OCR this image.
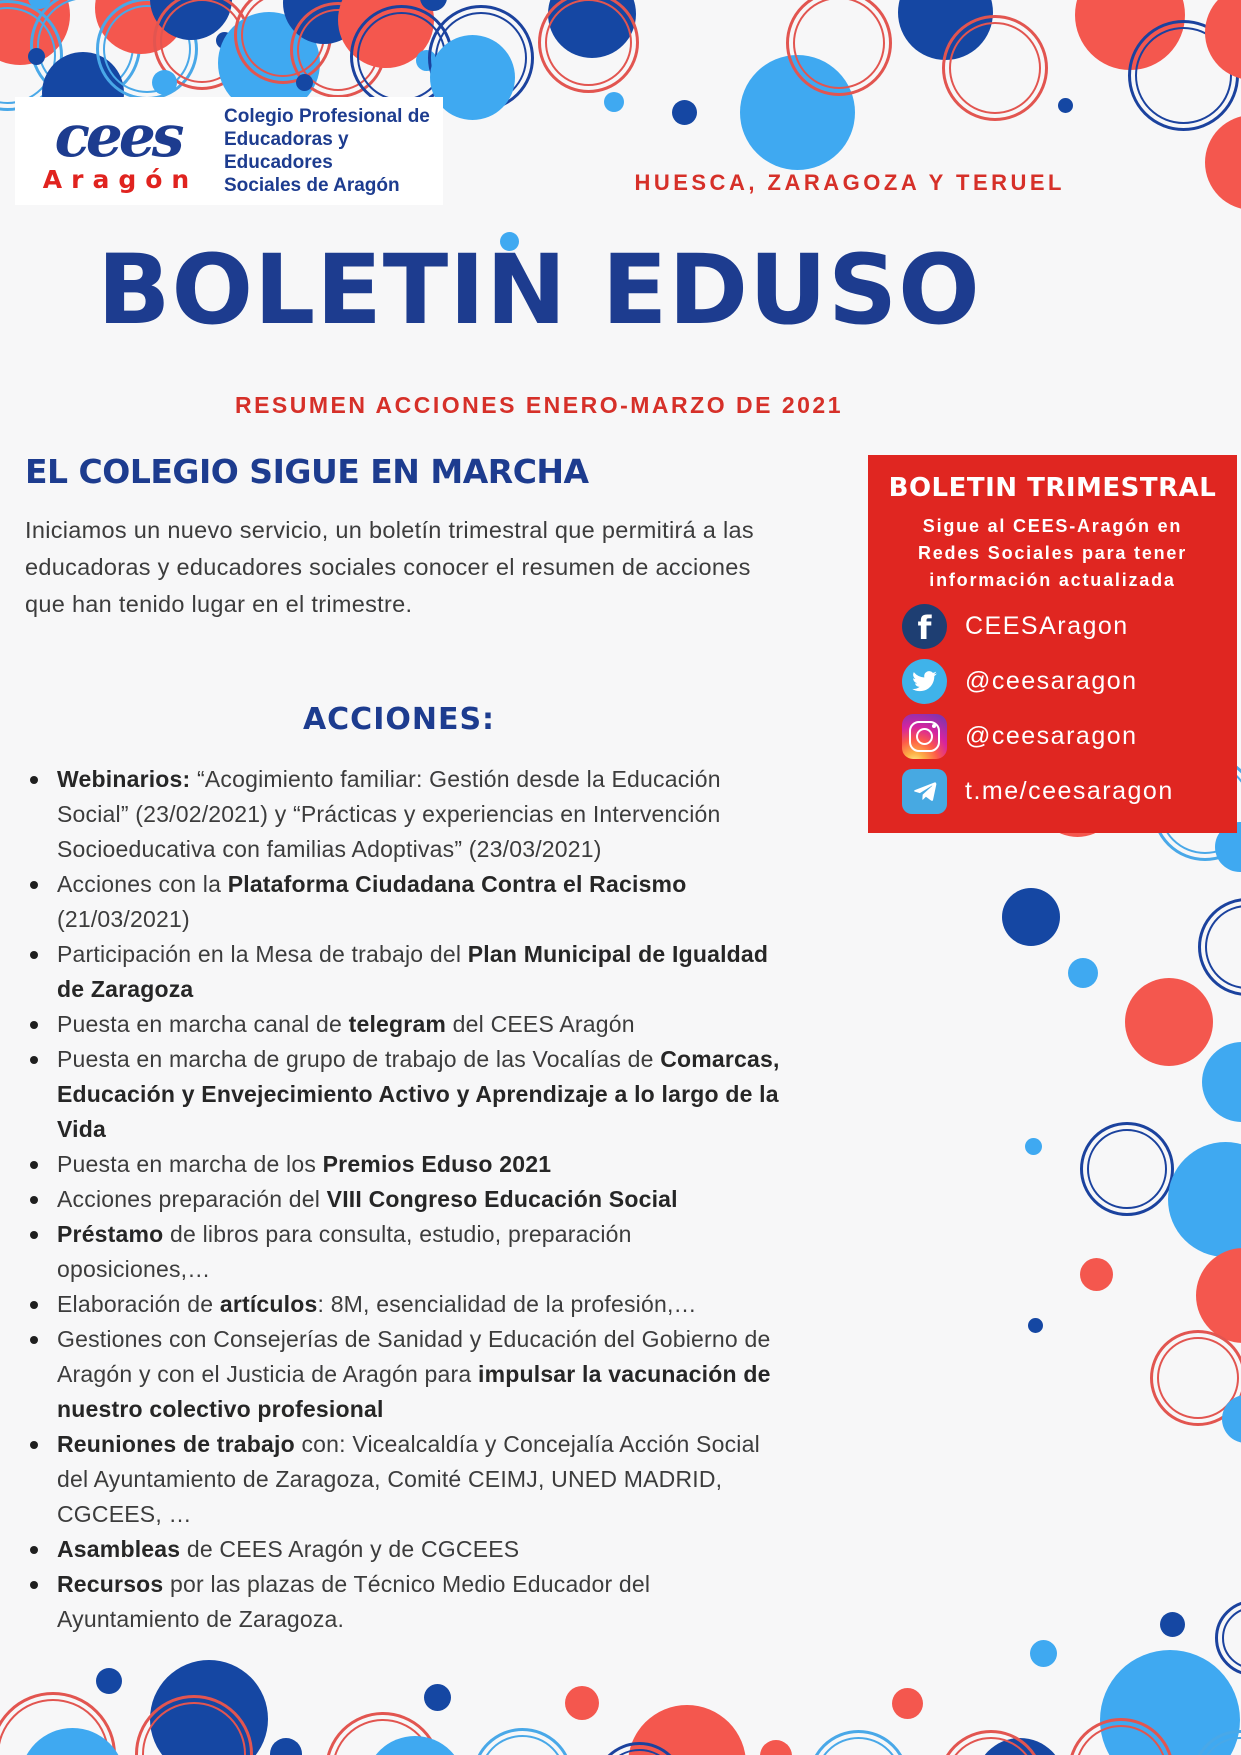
cees
Aragón
Colegio Profesional de
Educadoras y
Educadores
Sociales de Aragón	HUESCA, ZARAGOZA Y TERUEL
BOLETIN EDUSO
RESUMEN ACCIONES ENERO-MARZO DE 2021
EL COLEGIO SIGUE EN MARCHA

Iniciamos un nuevo servicio, un boletín trimestral que permitirá a las educadoras y educadores sociales conocer el resumen de acciones que han tenido lugar en el trimestre.

ACCIONES:
Webinarios: “Acogimiento familiar: Gestión desde la Educación Social” (23/02/2021) y “Prácticas y experiencias en Intervención Socioeducativa con familias Adoptivas” (23/03/2021)
Acciones con la Plataforma Ciudadana Contra el Racismo (21/03/2021)
Participación en la Mesa de trabajo del Plan Municipal de Igualdad de Zaragoza
Puesta en marcha canal de telegram del CEES Aragón
Puesta en marcha de grupo de trabajo de las Vocalías de Comarcas, Educación y Envejecimiento Activo y Aprendizaje a lo largo de la Vida
Puesta en marcha de los Premios Eduso 2021
Acciones preparación del VIII Congreso Educación Social
Préstamo de libros para consulta, estudio, preparación oposiciones,…
Elaboración de artículos: 8M, esencialidad de la profesión,…
Gestiones con Consejerías de Sanidad y Educación del Gobierno de Aragón y con el Justicia de Aragón para impulsar la vacunación de nuestro colectivo profesional
Reuniones de trabajo con: Vicealcaldía y Concejalía Acción Social del Ayuntamiento de Zaragoza, Comité CEIMJ, UNED MADRID, CGCEES, …
Asambleas de CEES Aragón y de CGCEES
Recursos por las plazas de Técnico Medio Educador del Ayuntamiento de Zaragoza.
BOLETIN TRIMESTRAL

Sigue al CEES-Aragón en Redes Sociales para tener información actualizada

f	CEESAragon
@ceesaragon
@ceesaragon
t.me/ceesaragon
